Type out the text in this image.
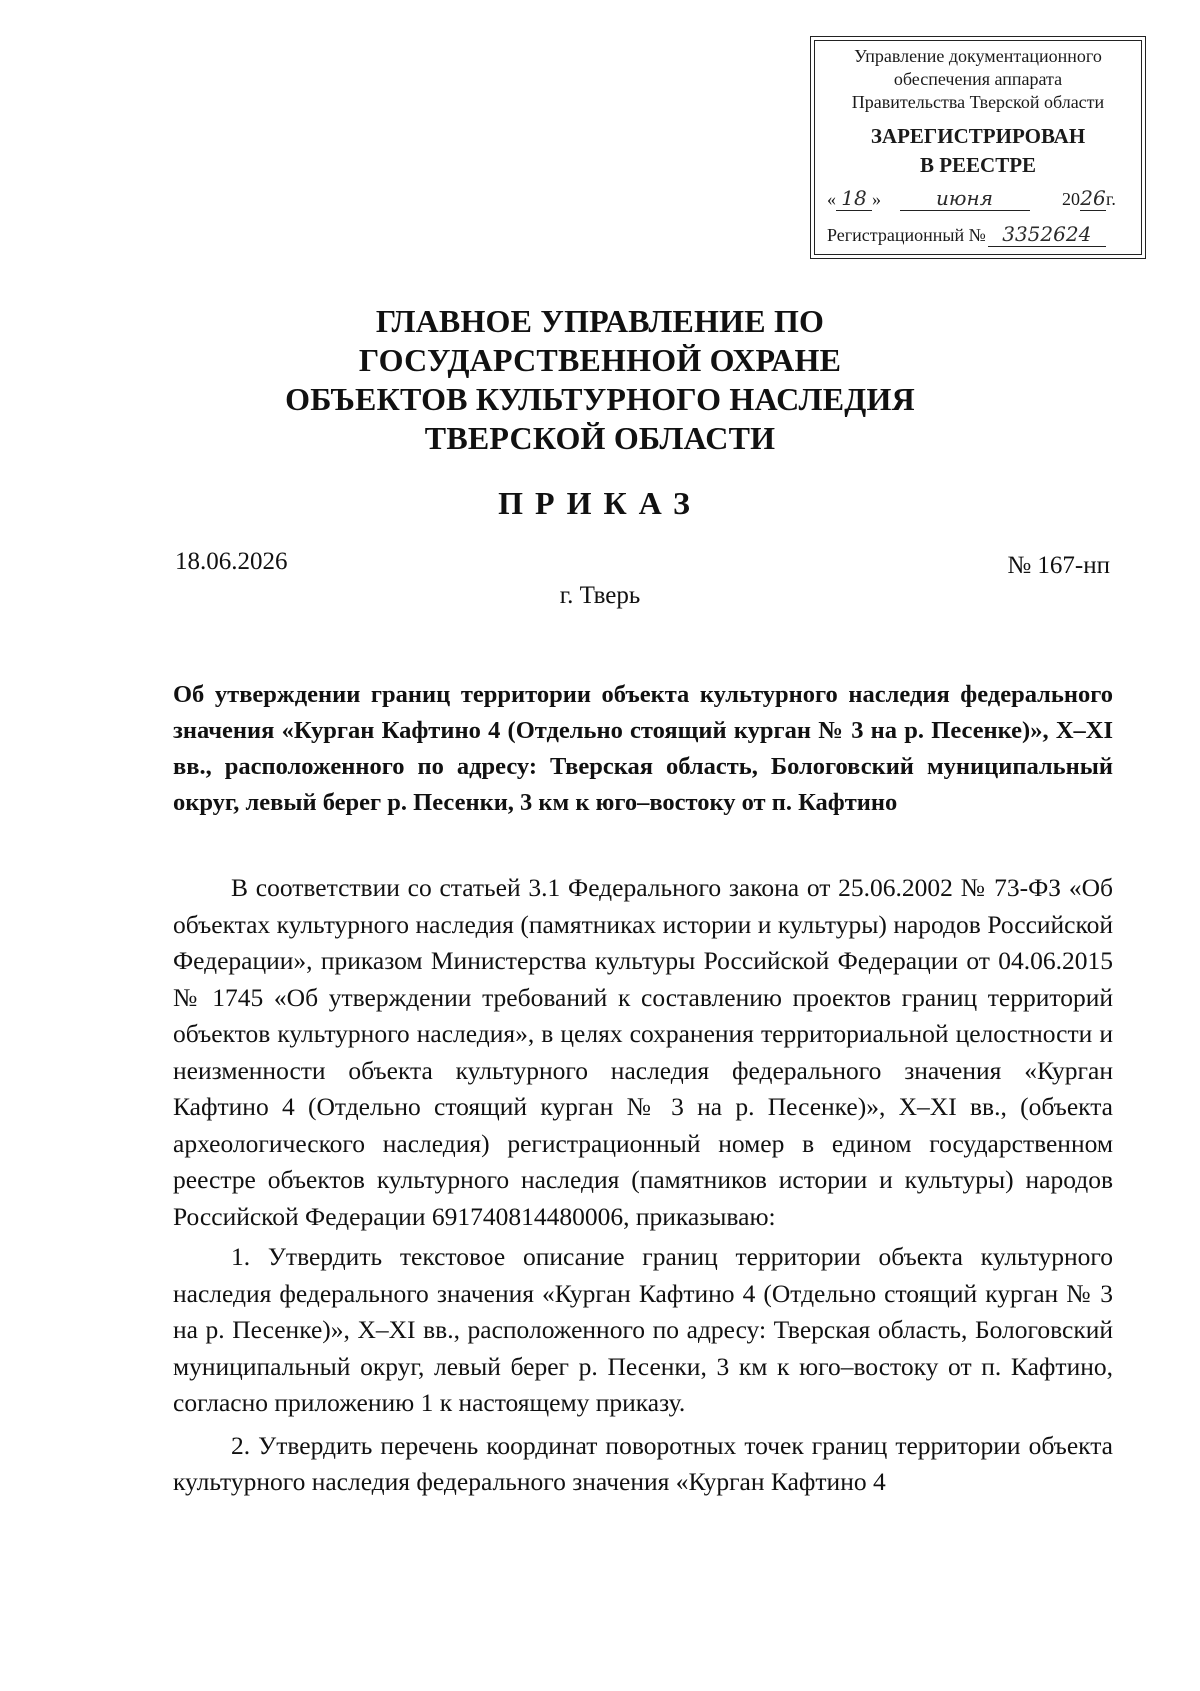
Управление документационного
обеспечения аппарата
Правительства Тверской области
ЗАРЕГИСТРИРОВАН
В РЕЕСТРЕ
« 18 »	июня	2026г.
Регистрационный № 3352624
ГЛАВНОЕ УПРАВЛЕНИЕ ПО
ГОСУДАРСТВЕННОЙ ОХРАНЕ
ОБЪЕКТОВ КУЛЬТУРНОГО НАСЛЕДИЯ
ТВЕРСКОЙ ОБЛАСТИ
ПРИКАЗ
18.06.2026	№ 167-нп
г. Тверь
Об утверждении границ территории объекта культурного наследия федерального значения «Курган Кафтино 4 (Отдельно стоящий курган № 3 на р. Песенке)», X–XI вв., расположенного по адресу: Тверская область, Бологовский муниципальный округ, левый берег р. Песенки, 3 км к юго–востоку от п. Кафтино

В соответствии со статьей 3.1 Федерального закона от 25.06.2002 № 73-ФЗ «Об объектах культурного наследия (памятниках истории и культуры) народов Российской Федерации», приказом Министерства культуры Российской Федерации от 04.06.2015 № 1745 «Об утверждении требований к составлению проектов границ территорий объектов культурного наследия», в целях сохранения территориальной целостности и неизменности объекта культурного наследия федерального значения «Курган Кафтино 4 (Отдельно стоящий курган № 3 на р. Песенке)», X–XI вв., (объекта археологического наследия) регистрационный номер в едином государственном реестре объектов культурного наследия (памятников истории и культуры) народов Российской Федерации 691740814480006, приказываю:

1. Утвердить текстовое описание границ территории объекта культурного наследия федерального значения «Курган Кафтино 4 (Отдельно стоящий курган № 3 на р. Песенке)», X–XI вв., расположенного по адресу: Тверская область, Бологовский муниципальный округ, левый берег р. Песенки, 3 км к юго–востоку от п. Кафтино, согласно приложению 1 к настоящему приказу.

2. Утвердить перечень координат поворотных точек границ территории объекта культурного наследия федерального значения «Курган Кафтино 4
